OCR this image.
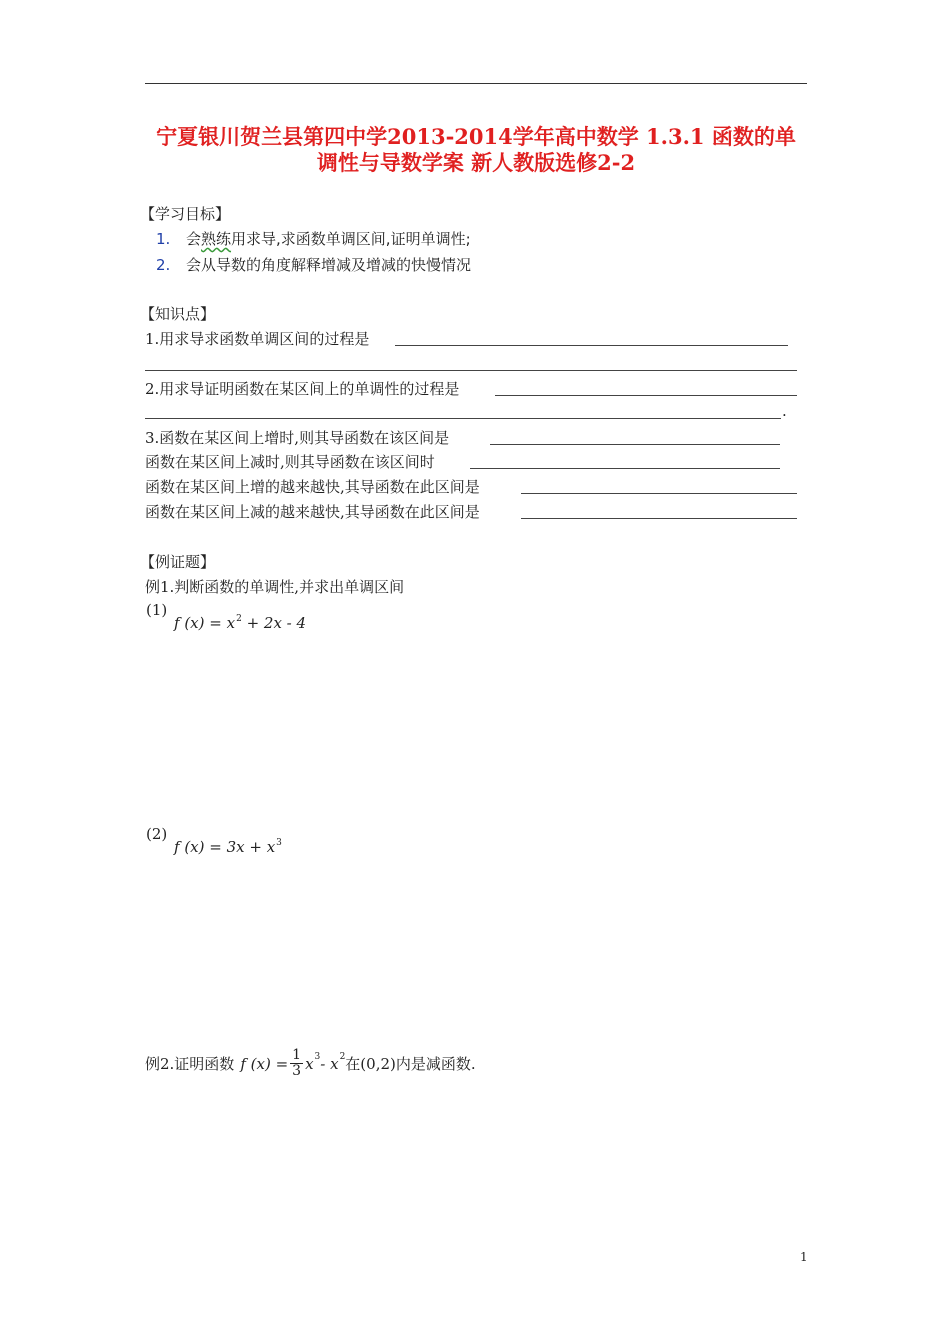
宁夏银川贺兰县第四中学2013-2014学年高中数学 1.3.1 函数的单
调性与导数学案 新人教版选修2-2
【学习目标】
1. 会熟练用求导,求函数单调区间,证明单调性;
2. 会从导数的角度解释增减及增减的快慢情况
【知识点】
1.用求导求函数单调区间的过程是
2.用求导证明函数在某区间上的单调性的过程是
.
3.函数在某区间上增时,则其导函数在该区间是
函数在某区间上减时,则其导函数在该区间时
函数在某区间上增的越来越快,其导函数在此区间是
函数在某区间上减的越来越快,其导函数在此区间是
【例证题】
例1.判断函数的单调性,并求出单调区间
(1)
f $(x) = x^2 + 2x - 4$
(2)
f $(x) = 3x + x^3$
例2.证明函数 f $(x) = \frac{1}{3}$ x 3 - x 2 在(0,2)内是减函数.
1
